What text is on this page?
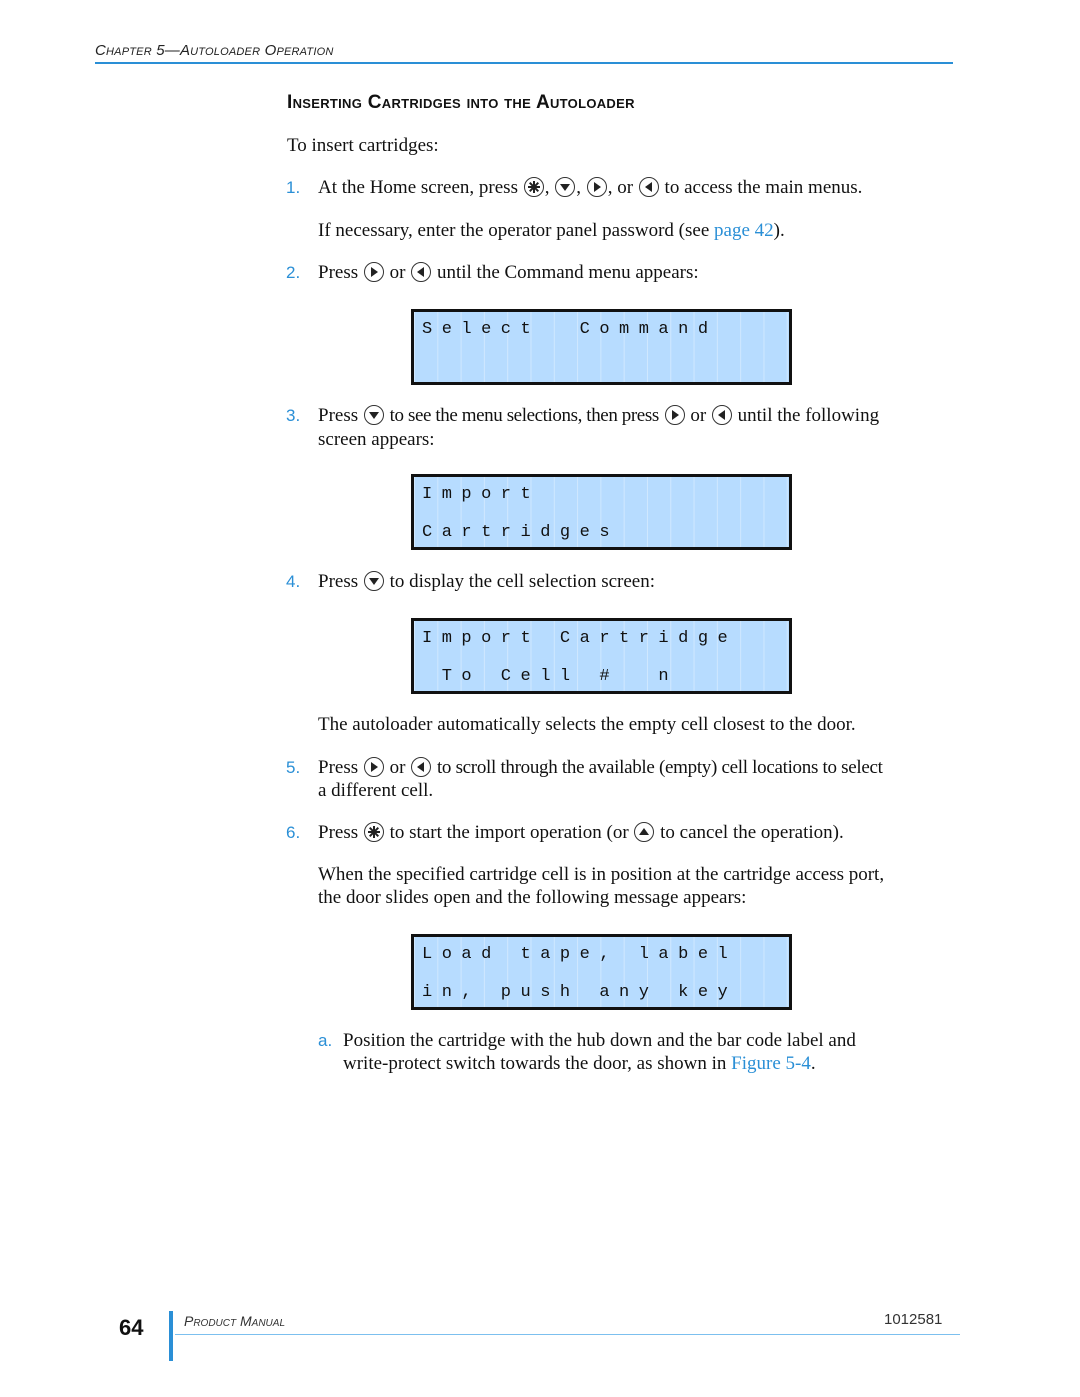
Chapter 5—Autoloader Operation
Inserting Cartridges into the Autoloader
To insert cartridges:
1. At the Home screen, press , , , or to access the main menus.
If necessary, enter the operator panel password (see page 42).
2. Press or until the Command menu appears:
Select  Command
3. Press to see the menu selections, then press or until the following
screen appears:
Import
Cartridges
4. Press to display the cell selection screen:
Import Cartridge
To Cell #  n
The autoloader automatically selects the empty cell closest to the door.
5. Press or to scroll through the available (empty) cell locations to select
a different cell.
6. Press to start the import operation (or to cancel the operation).
When the specified cartridge cell is in position at the cartridge access port,
the door slides open and the following message appears:
Load tape, label
in, push any key
a. Position the cartridge with the hub down and the bar code label and
write-protect switch towards the door, as shown in Figure 5-4.
64	Product Manual	1012581
